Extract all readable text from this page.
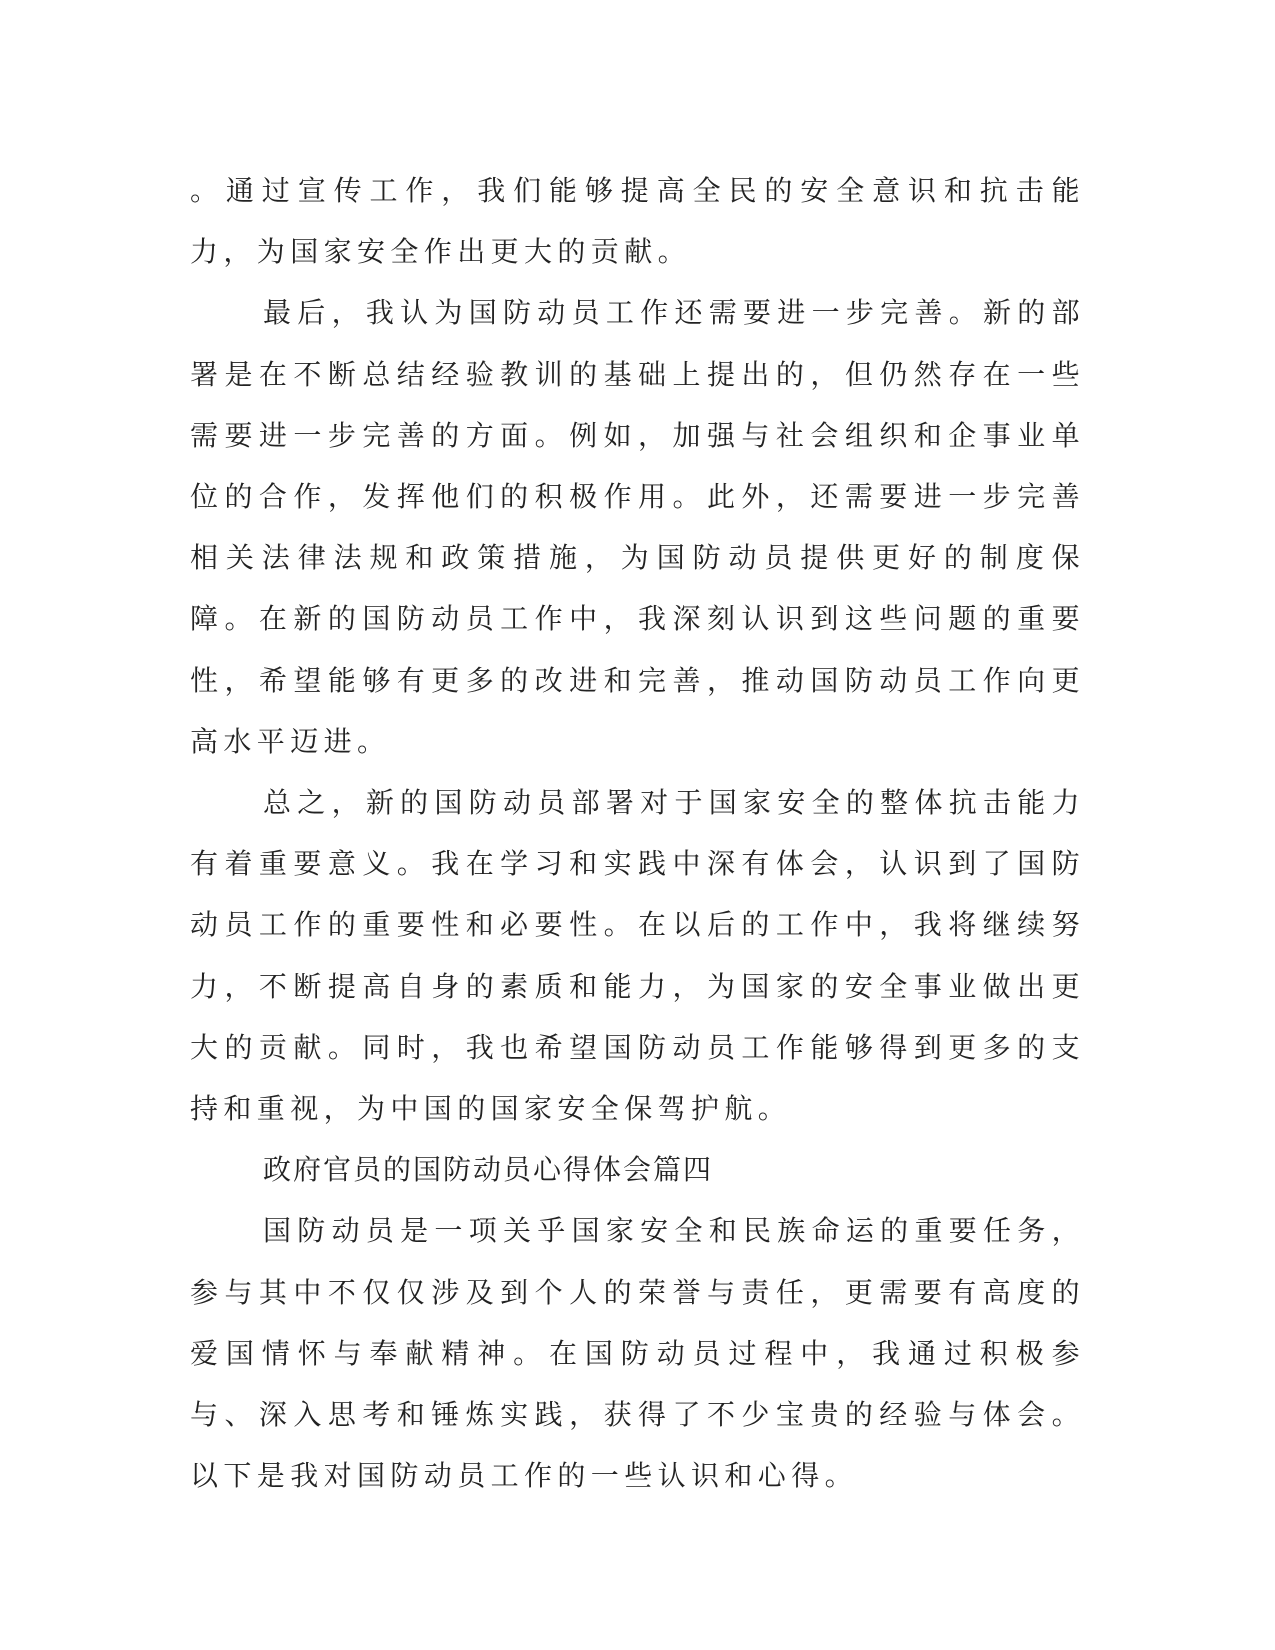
。通过宣传工作，我们能够提高全民的安全意识和抗击能力，为国家安全作出更大的贡献。

最后，我认为国防动员工作还需要进一步完善。新的部署是在不断总结经验教训的基础上提出的，但仍然存在一些需要进一步完善的方面。例如，加强与社会组织和企事业单位的合作，发挥他们的积极作用。此外，还需要进一步完善相关法律法规和政策措施，为国防动员提供更好的制度保障。在新的国防动员工作中，我深刻认识到这些问题的重要性，希望能够有更多的改进和完善，推动国防动员工作向更高水平迈进。

总之，新的国防动员部署对于国家安全的整体抗击能力有着重要意义。我在学习和实践中深有体会，认识到了国防动员工作的重要性和必要性。在以后的工作中，我将继续努力，不断提高自身的素质和能力，为国家的安全事业做出更大的贡献。同时，我也希望国防动员工作能够得到更多的支持和重视，为中国的国家安全保驾护航。

政府官员的国防动员心得体会篇四

国防动员是一项关乎国家安全和民族命运的重要任务，参与其中不仅仅涉及到个人的荣誉与责任，更需要有高度的爱国情怀与奉献精神。在国防动员过程中，我通过积极参与、深入思考和锤炼实践，获得了不少宝贵的经验与体会。以下是我对国防动员工作的一些认识和心得。
